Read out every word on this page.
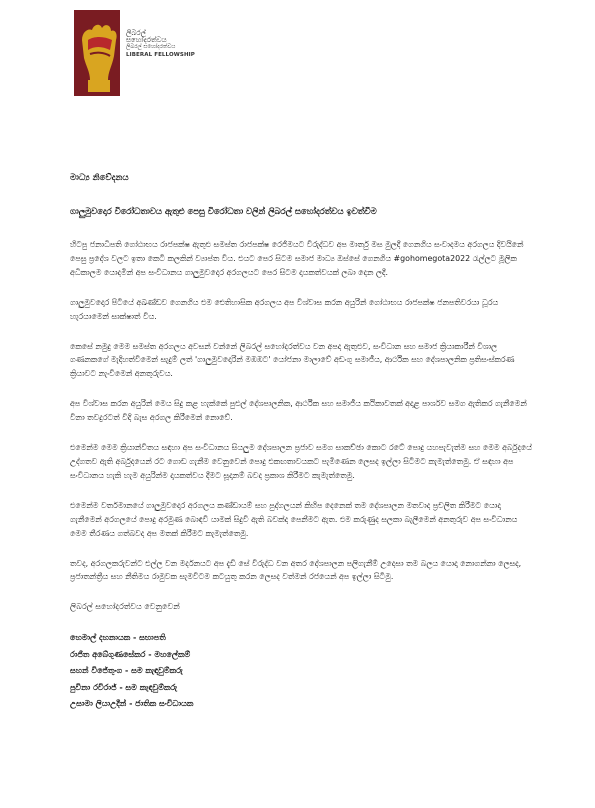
ලිබරල්
සහෝදරත්වය
ලිබරල් සහෝදරත්වය
LIBERAL FELLOWSHIP

මාධ්‍ය නිවේදනය

ගාලුමුවදොර විරෝධතාවය ඇතුළු පෙසු විරෝධතා වලින් ලිබරල් සහෝදරත්වය ඉවත්වීම

හිටපු ජනාධිපති ගෝඨාභය රාජපක්ෂ ඇතුළු සමස්ත රාජපක්ෂ රෙජිමයට විරුද්ධව අප මාර්තු මස මුලදී ගෙනගිය සංවාදමය අරගලය දිවයිනේ පෙසු ප්‍රදේශ වලට ඉතා කෙටි කලකින් ව්‍යාප්ත විය. එයට පෙර සිටම සමාජ මාධ්‍ය ඔස්සේ ගෙනගිය #gohomegota2022 රැල්ලට මූලික අධිකාලම යොදමින් අප සංවිධානය ගාලුමුවදොර අරගලයට පෙර සිටම දායකත්වයක් ලබා දෙන ලදී.

ගාලුමුවදොර පිටියේ අඛණ්ඩව ගෙනගිය එම ඓතිහාසික අරගලය අප විශ්වාස කරන අයුරින් ගෝඨාභය රාජපක්ෂ ජනපතිවරයා ධූරය හැරයාමෙන් සාක්ෂාත් විය.

කෙසේ නමුදු මෙම සමස්ත අරගලය අවසන් වන්නේ ලිබරල් සහෝදරත්වය වන අපද ඇතුළුව, සංවිධාන සහ සමාජ ක්‍රියාකාරීන් විශාල ගණනකගේ මැදිහත්වීමෙන් සැදුම් ලත් 'ගාලුමුවදොරින් මඹඹට' යෝජනා මාලාවේ අඩංගු සමාජීය, ආර්ථික සහ දේශපාලනික ප්‍රතිසංස්කරණ ක්‍රියාවට නැංවීමෙන් අනතුරුවය.

අප විශ්වාස කරන අයුරින් මෙය සිදු කළ හැක්කේ පුළුල් දේශපාලනික, ආර්ථික සහ සමාජීය කථිකාවතක් අදාළ පාර්ශව සමග ඇතිකර ගැනීමෙන් විනා තවදුරටත් විදි බැස අරගල කිරීමෙන් නොවේ.

එමෙන්ම මෙම ක්‍රියාන්විතය සඳහා අප සංවිධානය සියලුම දේශපාලන ප්‍රජාව සමග සාකච්ඡා කොට රටේ පොදු යහපැවැත්ම සහ මෙම අර්බුදයේ උද්ගතව ඇති අර්බුදයෙන් රට ගොඩ ගැනීම වෙනුවෙන් පොදු එකඟතාවයකට පැමිණෙන ලෙසද ඉල්ලා සිටිමට කැමැත්තෙමු. ඒ සඳහා අප සංවිධානය හැකි හැම අයුරින්ම දායකත්වය දීමට සූදානම් බවද ප්‍රකාශ කිරීමට කැමැත්තෙමු.

එමෙන්ම වර්තමානයේ ගාලුමුවදොර අරගලය කණ්ඩායම් සහ පුද්ගලයන් කිහිප දෙනෙක් තම දේශපාලන මතවාද ප්‍රචලිත කිරීමට යොදා ගැනීමෙන් අරගලයේ පොදු අරමුණ බොඳවී යාමක් සිදුවී ඇති බවක්ද පෙනීමට ඇත. එම කරුණුද සලකා බැලීමෙන් අනතුරුව අප සංවිධානය මෙම තීරණය ගත්බවද අප මතක් කිරීමට කැමැත්තෙමු.

තවද, අරගලකරුවන්ට එල්ල වන මර්දනයට අප දැඩි සේ විරුද්ධ වන අතර දේශපාලන පලිගැනීම් උදෙසා තම බලය යොදා නොගන්නා ලෙසද, ප්‍රජාතන්ත්‍රීය සහ නීතිමය රාමුවක සැමවිටම කටයුතු කරන ලෙසද වත්මන් රජයෙන් අප ඉල්ලා සිටිමු.

ලිබරල් සහෝදරත්වය වෙනුවෙන්

හෙමාල් දහනායක - සභාපති
රාජිත අබේගුණසේකර - මහලේකම්
සහන් විජේතුංග - සම කැඳවුම්කරු
පුවිනා රවිරාජ් - සම කැඳවුම්කරු
උසාමා ලියාඋදීන් - ජාතික සංවිධායක
